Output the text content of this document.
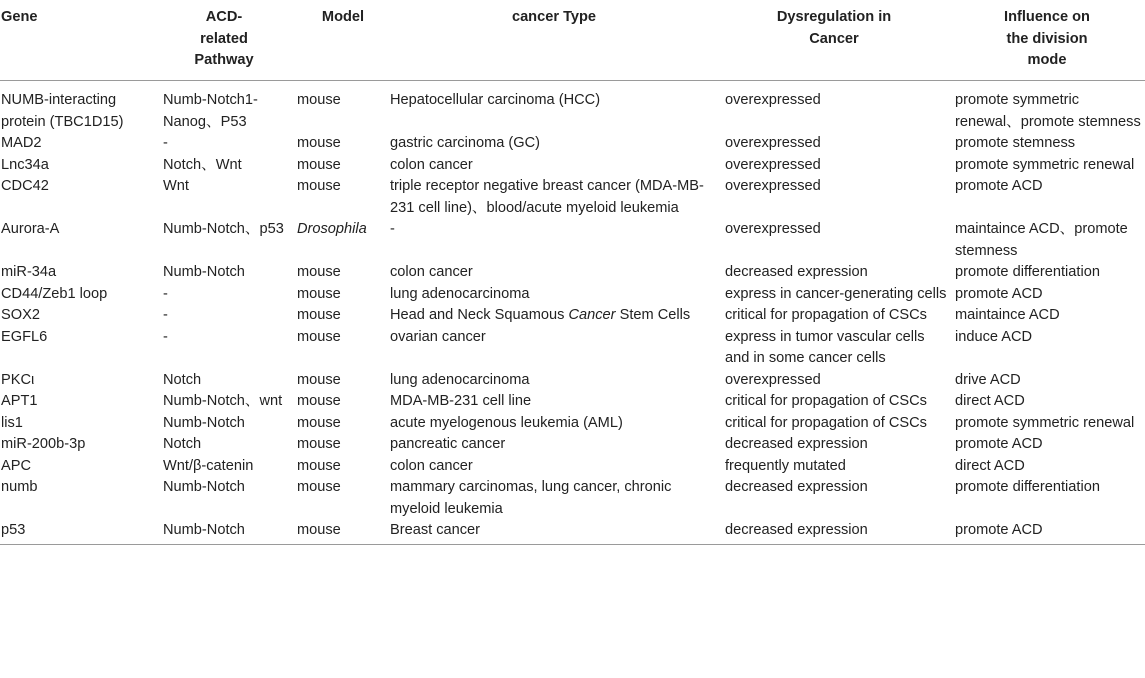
Gene	ACD-related Pathway	Model	cancer Type	Dysregulation in Cancer	Influence on the division mode
NUMB-interacting protein (TBC1D15)	Numb-Notch1-Nanog、P53	mouse	Hepatocellular carcinoma (HCC)	overexpressed	promote symmetric renewal、promote stemness
MAD2	-	mouse	gastric carcinoma (GC)	overexpressed	promote stemness
Lnc34a	Notch、Wnt	mouse	colon cancer	overexpressed	promote symmetric renewal
CDC42	Wnt	mouse	triple receptor negative breast cancer (MDA-MB-231 cell line)、blood/acute myeloid leukemia	overexpressed	promote ACD
Aurora-A	Numb-Notch、p53	Drosophila	-	overexpressed	maintaince ACD、promote stemness
miR-34a	Numb-Notch	mouse	colon cancer	decreased expression	promote differentiation
CD44/Zeb1 loop	-	mouse	lung adenocarcinoma	express in cancer-generating cells	promote ACD
SOX2	-	mouse	Head and Neck Squamous Cancer Stem Cells	critical for propagation of CSCs	maintaince ACD
EGFL6	-	mouse	ovarian cancer	express in tumor vascular cells and in some cancer cells	induce ACD
PKCι	Notch	mouse	lung adenocarcinoma	overexpressed	drive ACD
APT1	Numb-Notch、wnt	mouse	MDA-MB-231 cell line	critical for propagation of CSCs	direct ACD
lis1	Numb-Notch	mouse	acute myelogenous leukemia (AML)	critical for propagation of CSCs	promote symmetric renewal
miR-200b-3p	Notch	mouse	pancreatic cancer	decreased expression	promote ACD
APC	Wnt/β-catenin	mouse	colon cancer	frequently mutated	direct ACD
numb	Numb-Notch	mouse	mammary carcinomas, lung cancer, chronic myeloid leukemia	decreased expression	promote differentiation
p53	Numb-Notch	mouse	Breast cancer	decreased expression	promote ACD
